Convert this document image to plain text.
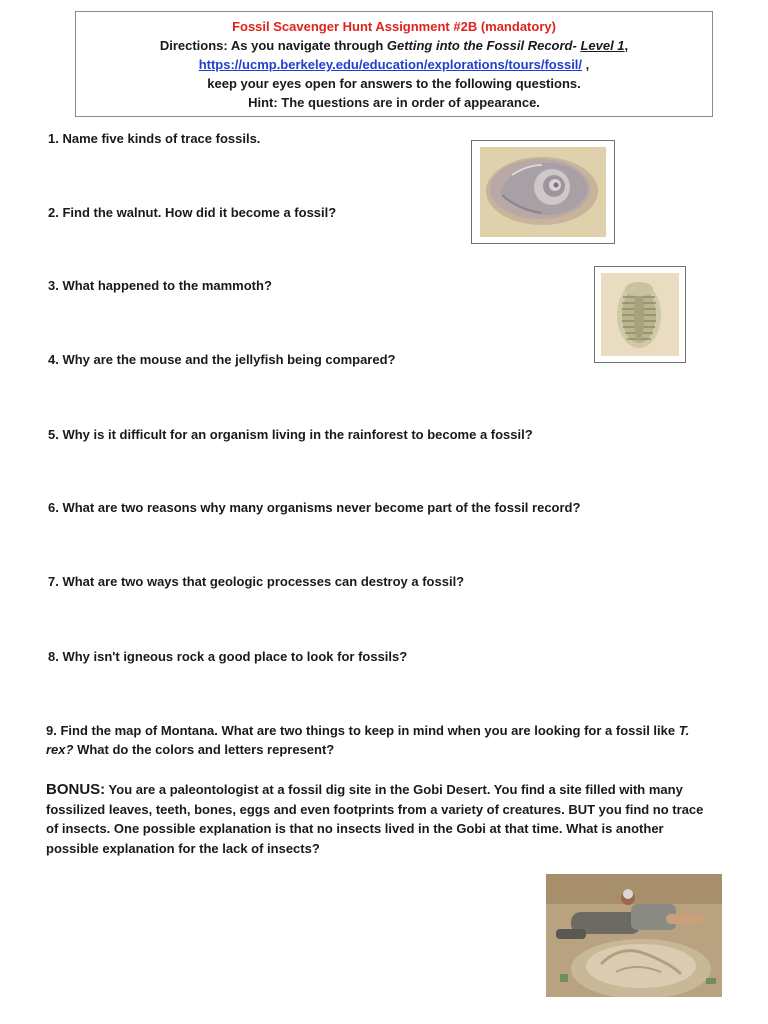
Fossil Scavenger Hunt Assignment #2B (mandatory)
Directions: As you navigate through Getting into the Fossil Record- Level 1,
https://ucmp.berkeley.edu/education/explorations/tours/fossil/ ,
keep your eyes open for answers to the following questions.
Hint: The questions are in order of appearance.

1. Name five kinds of trace fossils.

2. Find the walnut. How did it become a fossil?

3. What happened to the mammoth?

4. Why are the mouse and the jellyfish being compared?

5. Why is it difficult for an organism living in the rainforest to become a fossil?

6. What are two reasons why many organisms never become part of the fossil record?

7. What are two ways that geologic processes can destroy a fossil?

8. Why isn't igneous rock a good place to look for fossils?

9. Find the map of Montana. What are two things to keep in mind when you are looking for a fossil like T. rex? What do the colors and letters represent?

BONUS: You are a paleontologist at a fossil dig site in the Gobi Desert. You find a site filled with many fossilized leaves, teeth, bones, eggs and even footprints from a variety of creatures. BUT you find no trace of insects. One possible explanation is that no insects lived in the Gobi at that time. What is another possible explanation for the lack of insects?
